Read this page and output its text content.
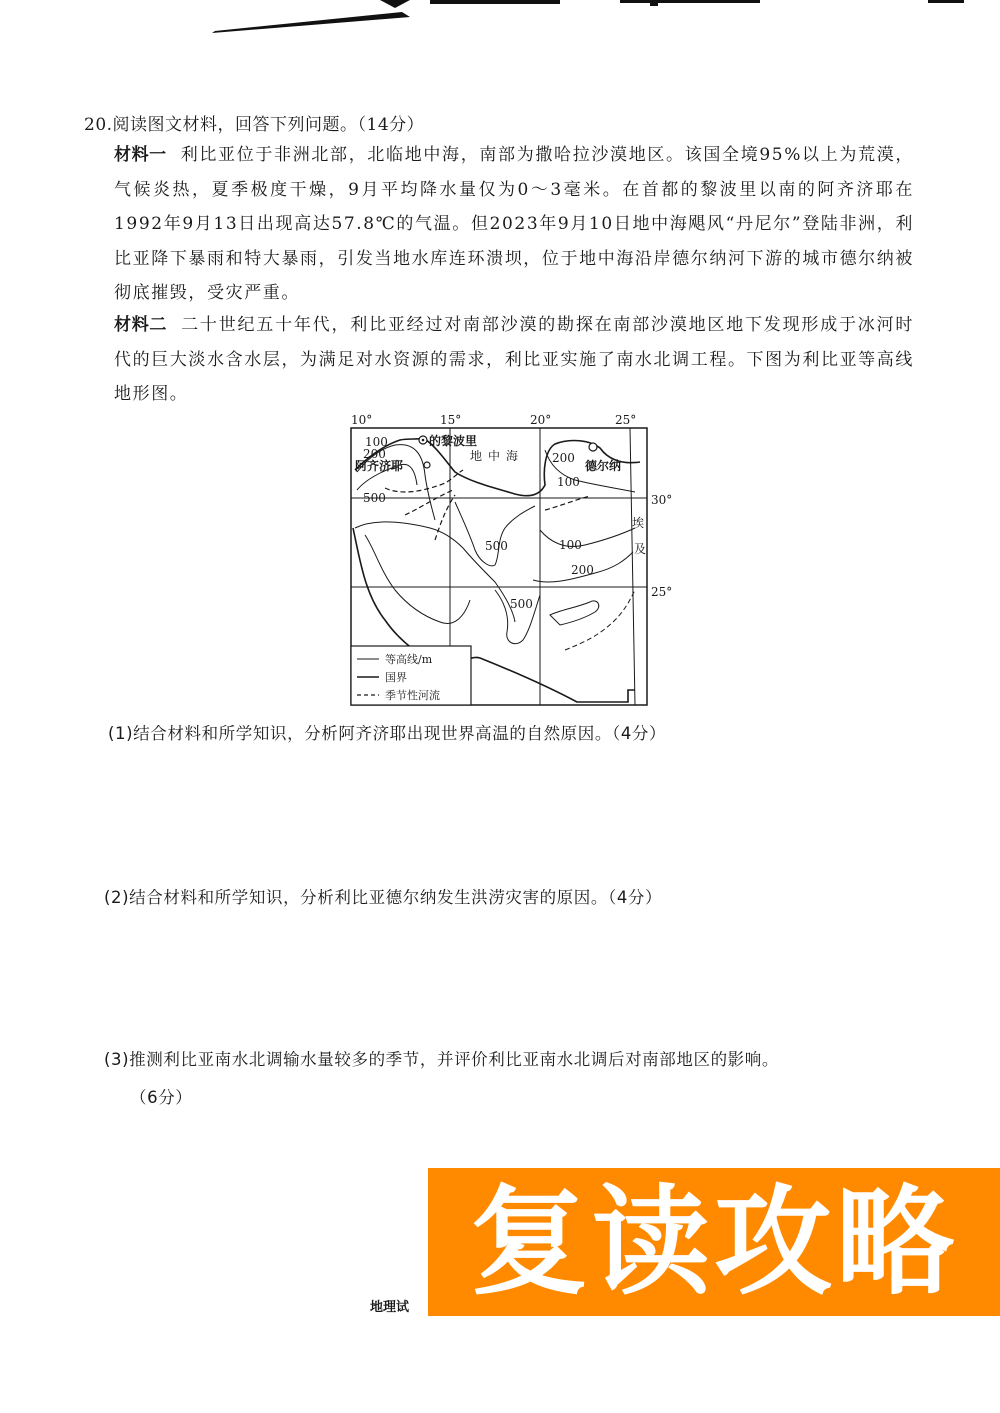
20.阅读图文材料，回答下列问题。（14分）
材料一 利比亚位于非洲北部，北临地中海，南部为撒哈拉沙漠地区。该国全境95%以上为荒漠，气候炎热，夏季极度干燥，9月平均降水量仅为0～3毫米。在首都的黎波里以南的阿齐济耶在1992年9月13日出现高达57.8℃的气温。但2023年9月10日地中海飓风“丹尼尔”登陆非洲，利比亚降下暴雨和特大暴雨，引发当地水库连环溃坝，位于地中海沿岸德尔纳河下游的城市德尔纳被彻底摧毁，受灾严重。
材料二 二十世纪五十年代，利比亚经过对南部沙漠的勘探在南部沙漠地区地下发现形成于冰河时代的巨大淡水含水层，为满足对水资源的需求，利比亚实施了南水北调工程。下图为利比亚等高线地形图。
10°	15°	20°	25°
30°
25°
的黎波里
阿齐济耶
地中海
德尔纳
埃
及
100
200
500
200
100
500	100
200
500
等高线/m
国界
季节性河流
(1)结合材料和所学知识，分析阿齐济耶出现世界高温的自然原因。（4分）
(2)结合材料和所学知识，分析利比亚德尔纳发生洪涝灾害的原因。（4分）
(3)推测利比亚南水北调输水量较多的季节，并评价利比亚南水北调后对南部地区的影响。
（6分）
地理试 复读攻略
